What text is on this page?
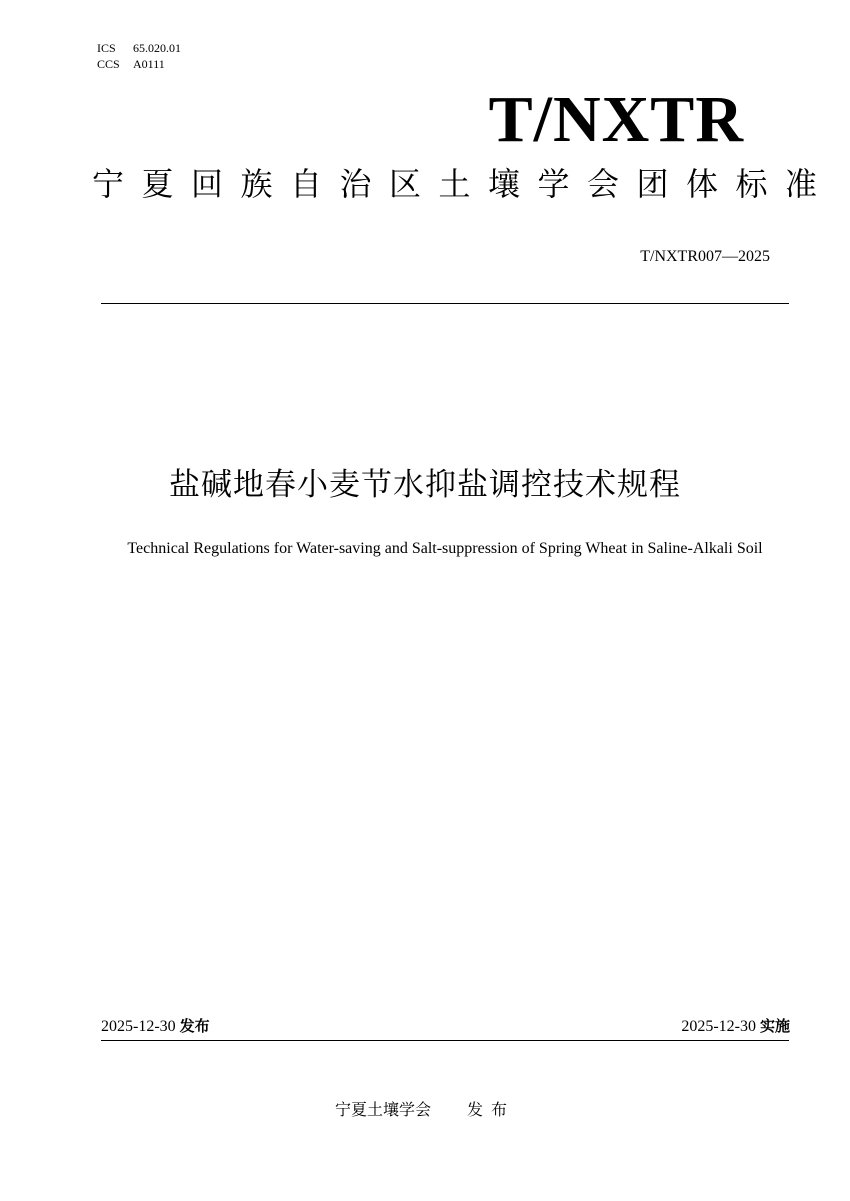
ICS 65.020.01
CCS A0111
T/NXTR
宁夏回族自治区土壤学会团体标准
T/NXTR007—2025
盐碱地春小麦节水抑盐调控技术规程
Technical Regulations for Water-saving and Salt-suppression of Spring Wheat in Saline-Alkali Soil
2025-12-30 发布	2025-12-30 实施
宁夏土壤学会 发布
